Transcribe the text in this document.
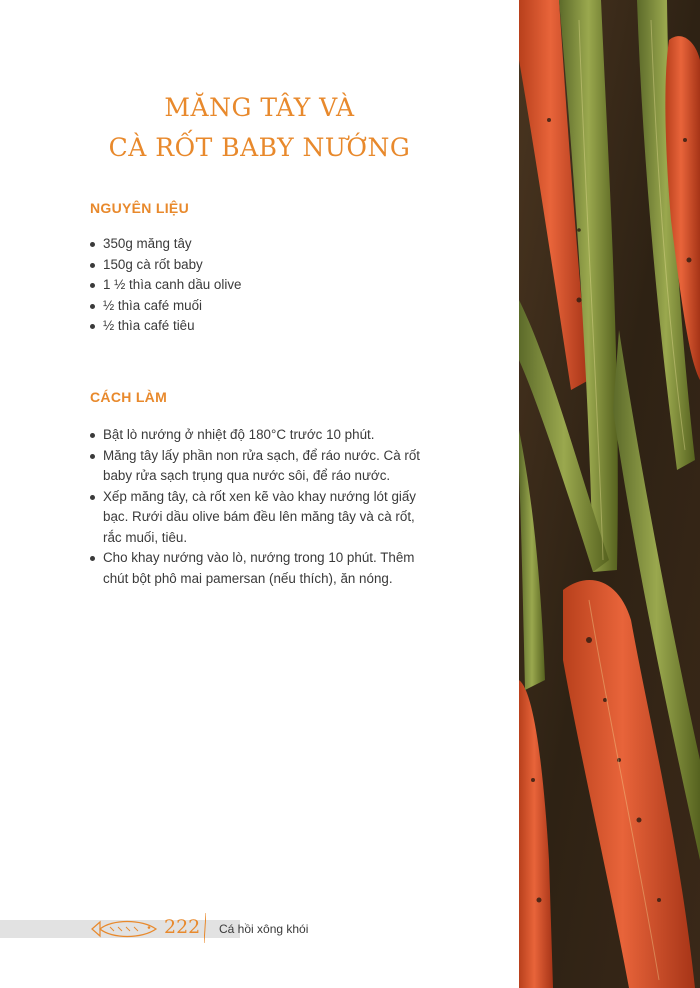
MĂNG TÂY VÀ
CÀ RỐT BABY NƯỚNG
NGUYÊN LIỆU
350g măng tây
150g cà rốt baby
1 ½ thìa canh dầu olive
½ thìa café muối
½ thìa café tiêu
CÁCH LÀM
Bật lò nướng ở nhiệt độ 180°C trước 10 phút.
Măng tây lấy phần non rửa sạch, để ráo nước. Cà rốt baby rửa sạch trụng qua nước sôi, để ráo nước.
Xếp măng tây, cà rốt xen kẽ vào khay nướng lót giấy bạc. Rưới dầu olive bám đều lên măng tây và cà rốt, rắc muối, tiêu.
Cho khay nướng vào lò, nướng trong 10 phút. Thêm chút bột phô mai pamersan (nếu thích), ăn nóng.
222 Cá hồi xông khói
